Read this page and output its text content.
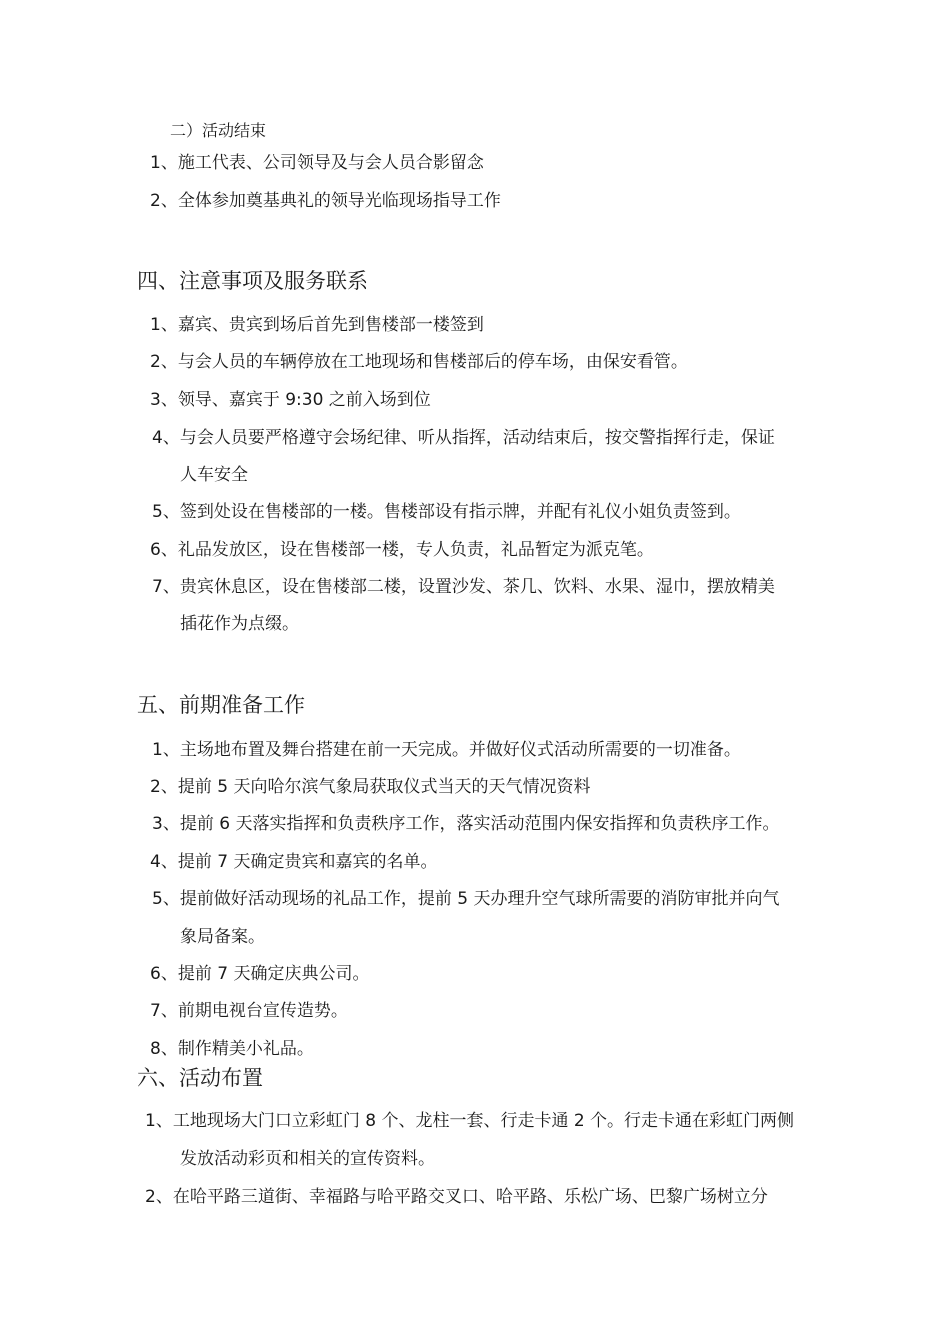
二）活动结束
1、施工代表、公司领导及与会人员合影留念
2、全体参加奠基典礼的领导光临现场指导工作
四、注意事项及服务联系
1、嘉宾、贵宾到场后首先到售楼部一楼签到
2、与会人员的车辆停放在工地现场和售楼部后的停车场，由保安看管。
3、领导、嘉宾于 9:30 之前入场到位
4、与会人员要严格遵守会场纪律、听从指挥，活动结束后，按交警指挥行走，保证
人车安全
5、签到处设在售楼部的一楼。售楼部设有指示牌，并配有礼仪小姐负责签到。
6、礼品发放区，设在售楼部一楼，专人负责，礼品暂定为派克笔。
7、贵宾休息区，设在售楼部二楼，设置沙发、茶几、饮料、水果、湿巾，摆放精美
插花作为点缀。
五、前期准备工作
1、主场地布置及舞台搭建在前一天完成。并做好仪式活动所需要的一切准备。
2、提前 5 天向哈尔滨气象局获取仪式当天的天气情况资料
3、提前 6 天落实指挥和负责秩序工作，落实活动范围内保安指挥和负责秩序工作。
4、提前 7 天确定贵宾和嘉宾的名单。
5、提前做好活动现场的礼品工作，提前 5 天办理升空气球所需要的消防审批并向气
象局备案。
6、提前 7 天确定庆典公司。
7、前期电视台宣传造势。
8、制作精美小礼品。
六、活动布置
1、工地现场大门口立彩虹门 8 个、龙柱一套、行走卡通 2 个。行走卡通在彩虹门两侧
发放活动彩页和相关的宣传资料。
2、在哈平路三道街、幸福路与哈平路交叉口、哈平路、乐松广场、巴黎广场树立分
